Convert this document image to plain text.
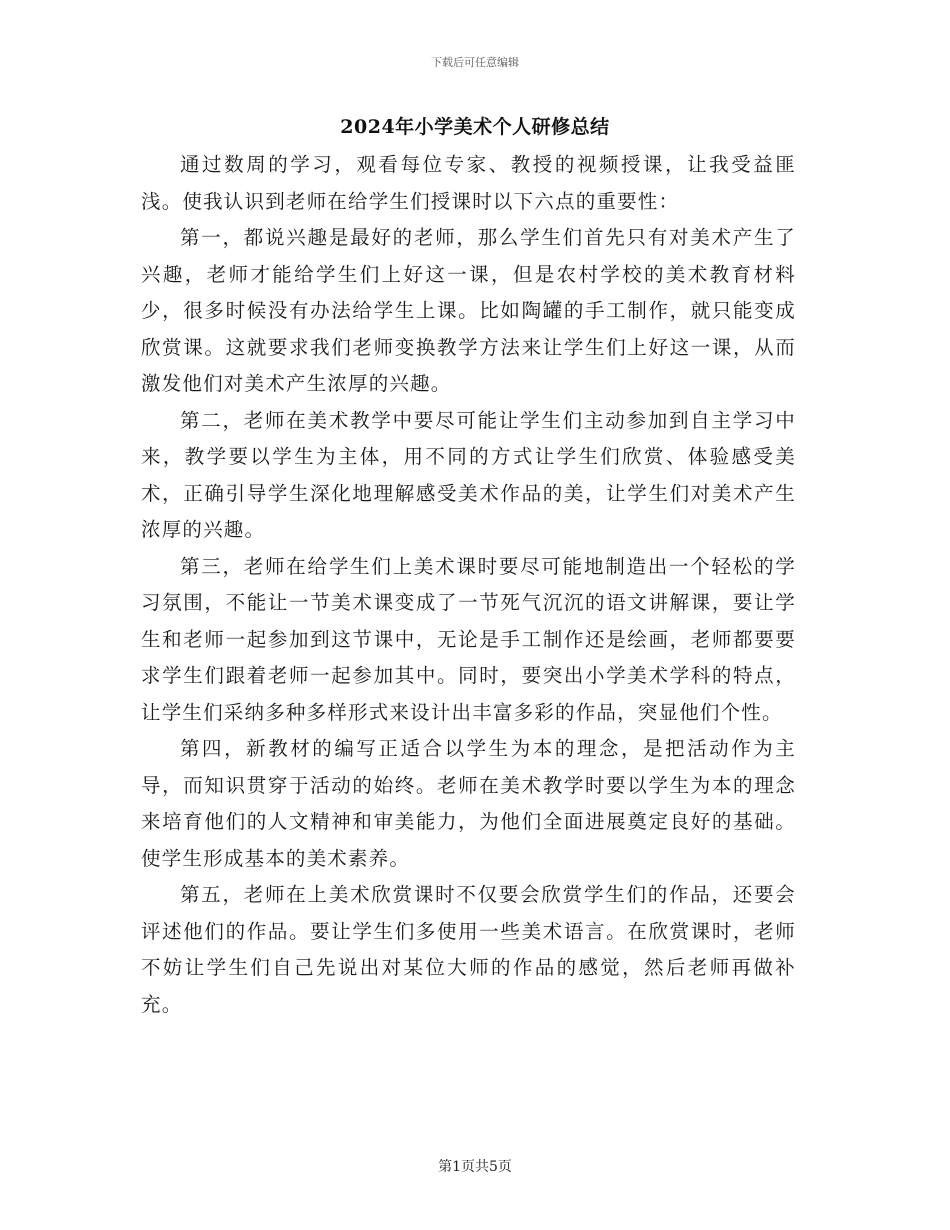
下载后可任意编辑
2024年小学美术个人研修总结

通过数周的学习，观看每位专家、教授的视频授课，让我受益匪浅。使我认识到老师在给学生们授课时以下六点的重要性：

第一，都说兴趣是最好的老师，那么学生们首先只有对美术产生了兴趣，老师才能给学生们上好这一课，但是农村学校的美术教育材料少，很多时候没有办法给学生上课。比如陶罐的手工制作，就只能变成欣赏课。这就要求我们老师变换教学方法来让学生们上好这一课，从而激发他们对美术产生浓厚的兴趣。

第二，老师在美术教学中要尽可能让学生们主动参加到自主学习中来，教学要以学生为主体，用不同的方式让学生们欣赏、体验感受美术，正确引导学生深化地理解感受美术作品的美，让学生们对美术产生浓厚的兴趣。

第三，老师在给学生们上美术课时要尽可能地制造出一个轻松的学习氛围，不能让一节美术课变成了一节死气沉沉的语文讲解课，要让学生和老师一起参加到这节课中，无论是手工制作还是绘画，老师都要要求学生们跟着老师一起参加其中。同时，要突出小学美术学科的特点，让学生们采纳多种多样形式来设计出丰富多彩的作品，突显他们个性。

第四，新教材的编写正适合以学生为本的理念，是把活动作为主导，而知识贯穿于活动的始终。老师在美术教学时要以学生为本的理念来培育他们的人文精神和审美能力，为他们全面进展奠定良好的基础。使学生形成基本的美术素养。

第五，老师在上美术欣赏课时不仅要会欣赏学生们的作品，还要会评述他们的作品。要让学生们多使用一些美术语言。在欣赏课时，老师不妨让学生们自己先说出对某位大师的作品的感觉，然后老师再做补充。

第1页共5页
